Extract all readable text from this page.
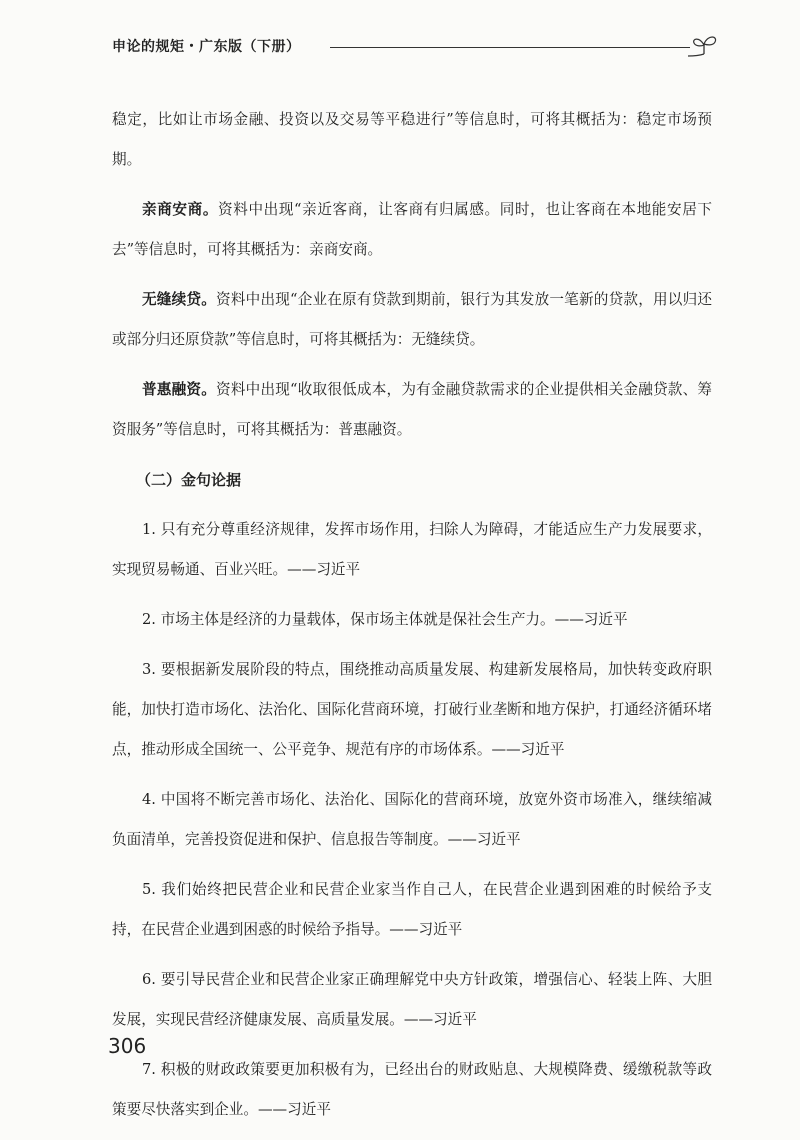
申论的规矩・广东版（下册）

稳定，比如让市场金融、投资以及交易等平稳进行”等信息时，可将其概括为：稳定市场预期。

亲商安商。资料中出现“亲近客商，让客商有归属感。同时，也让客商在本地能安居下去”等信息时，可将其概括为：亲商安商。

无缝续贷。资料中出现“企业在原有贷款到期前，银行为其发放一笔新的贷款，用以归还或部分归还原贷款”等信息时，可将其概括为：无缝续贷。

普惠融资。资料中出现“收取很低成本，为有金融贷款需求的企业提供相关金融贷款、筹资服务”等信息时，可将其概括为：普惠融资。

（二）金句论据
1. 只有充分尊重经济规律，发挥市场作用，扫除人为障碍，才能适应生产力发展要求，实现贸易畅通、百业兴旺。——习近平
2. 市场主体是经济的力量载体，保市场主体就是保社会生产力。——习近平
3. 要根据新发展阶段的特点，围绕推动高质量发展、构建新发展格局，加快转变政府职能，加快打造市场化、法治化、国际化营商环境，打破行业垄断和地方保护，打通经济循环堵点，推动形成全国统一、公平竞争、规范有序的市场体系。——习近平
4. 中国将不断完善市场化、法治化、国际化的营商环境，放宽外资市场准入，继续缩减负面清单，完善投资促进和保护、信息报告等制度。——习近平
5. 我们始终把民营企业和民营企业家当作自己人，在民营企业遇到困难的时候给予支持，在民营企业遇到困惑的时候给予指导。——习近平
6. 要引导民营企业和民营企业家正确理解党中央方针政策，增强信心、轻装上阵、大胆发展，实现民营经济健康发展、高质量发展。——习近平
7. 积极的财政政策要更加积极有为，已经出台的财政贴息、大规模降费、缓缴税款等政策要尽快落实到企业。——习近平
306
